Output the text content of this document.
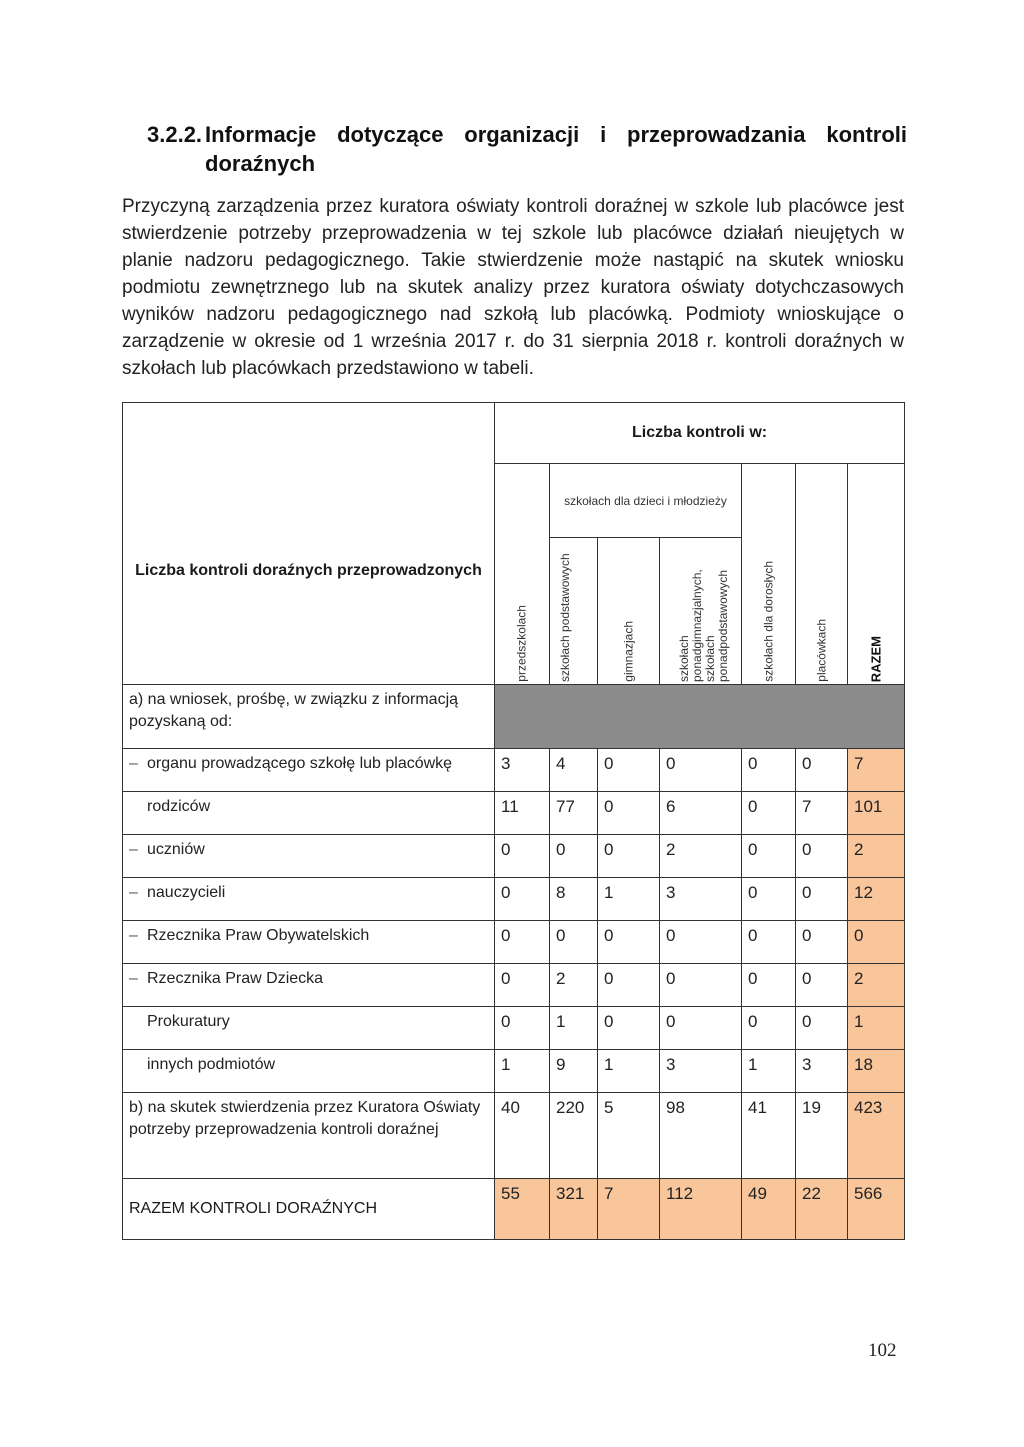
3.2.2. Informacje dotyczące organizacji i przeprowadzania kontroli
doraźnych
Przyczyną zarządzenia przez kuratora oświaty kontroli doraźnej w szkole lub placówce jest stwierdzenie potrzeby przeprowadzenia w tej szkole lub placówce działań nieujętych w planie nadzoru pedagogicznego. Takie stwierdzenie może nastąpić na skutek wniosku podmiotu zewnętrznego lub na skutek analizy przez kuratora oświaty dotychczasowych wyników nadzoru pedagogicznego nad szkołą lub placówką. Podmioty wnioskujące o zarządzenie w okresie od 1 września 2017 r. do 31 sierpnia 2018 r. kontroli doraźnych w szkołach lub placówkach przedstawiono w tabeli.
Liczba kontroli doraźnych przeprowadzonych	Liczba kontroli w:						

	przedszkolach	szkołach dla dzieci i młodzieży			szkołach dla dorosłych	placówkach	RAZEM

		szkołach podstawowych	gimnazjach	szkołach ponadgimnazjalnych, szkołach ponadpodstawowych			

a) na wniosek, prośbę, w związku z informacją pozyskaną od:							
– organu prowadzącego szkołę lub placówkę	3	4	0	0	0	0	7
rodziców	11	77	0	6	0	7	101
– uczniów	0	0	0	2	0	0	2
– nauczycieli	0	8	1	3	0	0	12
– Rzecznika Praw Obywatelskich	0	0	0	0	0	0	0
– Rzecznika Praw Dziecka	0	2	0	0	0	0	2
Prokuratury	0	1	0	0	0	0	1
innych podmiotów	1	9	1	3	1	3	18
b) na skutek stwierdzenia przez Kuratora Oświaty potrzeby przeprowadzenia kontroli doraźnej	40	220	5	98	41	19	423
RAZEM KONTROLI DORAŹNYCH	55	321	7	112	49	22	566
102
